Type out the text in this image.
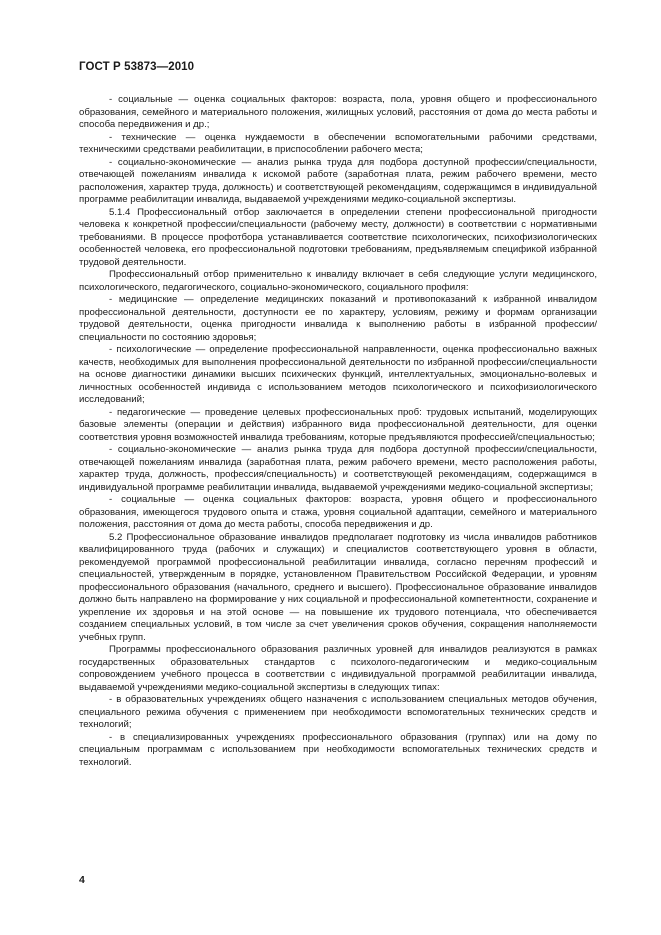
ГОСТ Р 53873—2010

- социальные — оценка социальных факторов: возраста, пола, уровня общего и профессионального образования, семейного и материального положения, жилищных условий, расстояния от дома до места работы и способа передвижения и др.;

- технические — оценка нуждаемости в обеспечении вспомогательными рабочими средствами, техническими средствами реабилитации, в приспособлении рабочего места;

- социально-экономические — анализ рынка труда для подбора доступной профессии/специальности, отвечающей пожеланиям инвалида к искомой работе (заработная плата, режим рабочего времени, место расположения, характер труда, должность) и соответствующей рекомендациям, содержащимся в индивидуальной программе реабилитации инвалида, выдаваемой учреждениями медико-социальной экспертизы.

5.1.4 Профессиональный отбор заключается в определении степени профессиональной пригодности человека к конкретной профессии/специальности (рабочему месту, должности) в соответствии с нормативными требованиями. В процессе профотбора устанавливается соответствие психологических, психофизиологических особенностей человека, его профессиональной подготовки требованиям, предъявляемым спецификой избранной трудовой деятельности.

Профессиональный отбор применительно к инвалиду включает в себя следующие услуги медицинского, психологического, педагогического, социально-экономического, социального профиля:

- медицинские — определение медицинских показаний и противопоказаний к избранной инвалидом профессиональной деятельности, доступности ее по характеру, условиям, режиму и формам организации трудовой деятельности, оценка пригодности инвалида к выполнению работы в избранной профессии/специальности по состоянию здоровья;

- психологические — определение профессиональной направленности, оценка профессионально важных качеств, необходимых для выполнения профессиональной деятельности по избранной профессии/специальности на основе диагностики динамики высших психических функций, интеллектуальных, эмоционально-волевых и личностных особенностей индивида с использованием методов психологического и психофизиологического исследований;

- педагогические — проведение целевых профессиональных проб: трудовых испытаний, моделирующих базовые элементы (операции и действия) избранного вида профессиональной деятельности, для оценки соответствия уровня возможностей инвалида требованиям, которые предъявляются профессией/специальностью;

- социально-экономические — анализ рынка труда для подбора доступной профессии/специальности, отвечающей пожеланиям инвалида (заработная плата, режим рабочего времени, место расположения работы, характер труда, должность, профессия/специальность) и соответствующей рекомендациям, содержащимся в индивидуальной программе реабилитации инвалида, выдаваемой учреждениями медико-социальной экспертизы;

- социальные — оценка социальных факторов: возраста, уровня общего и профессионального образования, имеющегося трудового опыта и стажа, уровня социальной адаптации, семейного и материального положения, расстояния от дома до места работы, способа передвижения и др.

5.2 Профессиональное образование инвалидов предполагает подготовку из числа инвалидов работников квалифицированного труда (рабочих и служащих) и специалистов соответствующего уровня в области, рекомендуемой программой профессиональной реабилитации инвалида, согласно перечням профессий и специальностей, утвержденным в порядке, установленном Правительством Российской Федерации, и уровням профессионального образования (начального, среднего и высшего). Профессиональное образование инвалидов должно быть направлено на формирование у них социальной и профессиональной компетентности, сохранение и укрепление их здоровья и на этой основе — на повышение их трудового потенциала, что обеспечивается созданием специальных условий, в том числе за счет увеличения сроков обучения, сокращения наполняемости учебных групп.

Программы профессионального образования различных уровней для инвалидов реализуются в рамках государственных образовательных стандартов с психолого-педагогическим и медико-социальным сопровождением учебного процесса в соответствии с индивидуальной программой реабилитации инвалида, выдаваемой учреждениями медико-социальной экспертизы в следующих типах:

- в образовательных учреждениях общего назначения с использованием специальных методов обучения, специального режима обучения с применением при необходимости вспомогательных технических средств и технологий;

- в специализированных учреждениях профессионального образования (группах) или на дому по специальным программам с использованием при необходимости вспомогательных технических средств и технологий.

4
